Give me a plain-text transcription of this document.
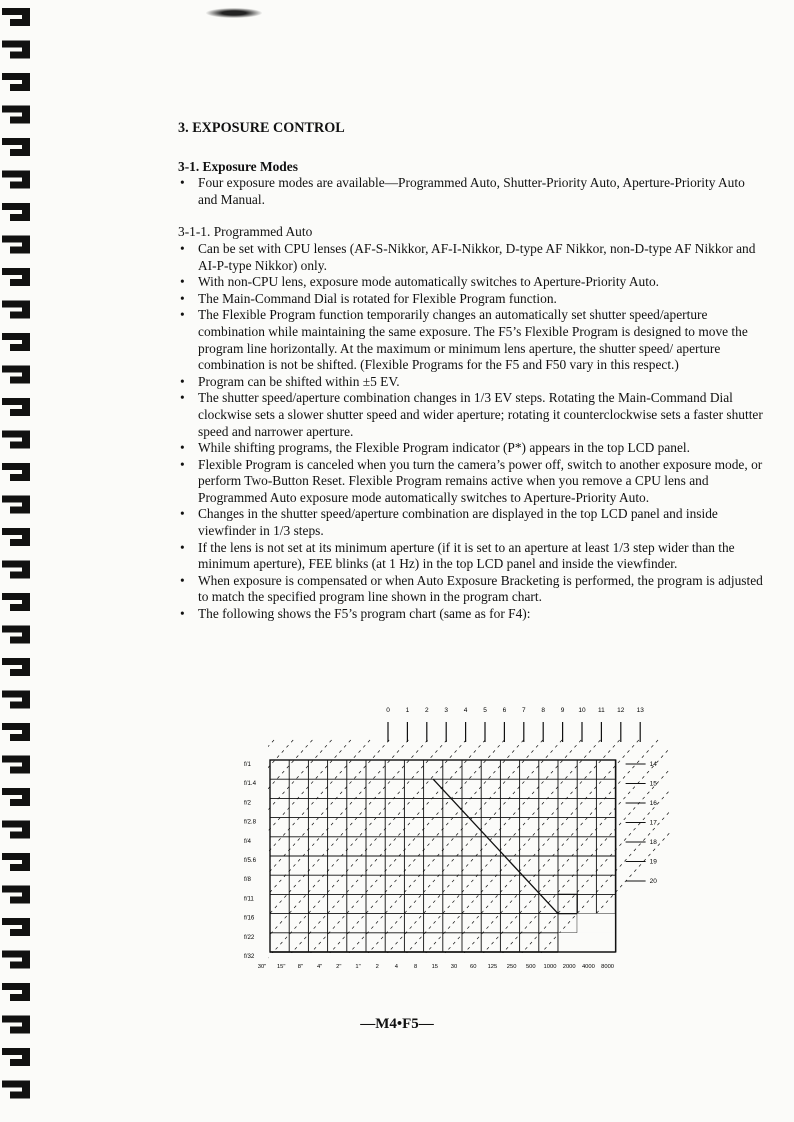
3. EXPOSURE CONTROL
3-1. Exposure Modes
• Four exposure modes are available—Programmed Auto, Shutter-Priority Auto, Aperture-Priority Auto and Manual.
3-1-1. Programmed Auto
• Can be set with CPU lenses (AF-S-Nikkor, AF-I-Nikkor, D-type AF Nikkor, non-D-type AF Nikkor and AI-P-type Nikkor) only.
• With non-CPU lens, exposure mode automatically switches to Aperture-Priority Auto.
• The Main-Command Dial is rotated for Flexible Program function.
• The Flexible Program function temporarily changes an automatically set shutter speed/aperture combination while maintaining the same exposure. The F5’s Flexible Program is designed to move the program line horizontally. At the maximum or minimum lens aperture, the shutter speed/ aperture combination is not be shifted. (Flexible Programs for the F5 and F50 vary in this respect.)
• Program can be shifted within ±5 EV.
• The shutter speed/aperture combination changes in 1/3 EV steps. Rotating the Main-Command Dial clockwise sets a slower shutter speed and wider aperture; rotating it counterclockwise sets a faster shutter speed and narrower aperture.
• While shifting programs, the Flexible Program indicator (P*) appears in the top LCD panel.
• Flexible Program is canceled when you turn the camera’s power off, switch to another exposure mode, or perform Two-Button Reset. Flexible Program remains active when you remove a CPU lens and Programmed Auto exposure mode automatically switches to Aperture-Priority Auto.
• Changes in the shutter speed/aperture combination are displayed in the top LCD panel and inside viewfinder in 1/3 steps.
• If the lens is not set at its minimum aperture (if it is set to an aperture at least 1/3 step wider than the minimum aperture), FEE blinks (at 1 Hz) in the top LCD panel and inside the viewfinder.
• When exposure is compensated or when Auto Exposure Bracketing is performed, the program is adjusted to match the specified program line shown in the program chart.
• The following shows the F5’s program chart (same as for F4):
0 1 2 3 4 5 6 7 8 9 10 11 12 13
14
15
16
17
18
19
20
f/1
f/1.4
f/2
f/2.8
f/4
f/5.6
f/8
f/11
f/16
f/22
f/32
30" 15" 8" 4" 2" 1"	2	4	8 15 30 60 125 250 500 1000 2000 4000 8000
—M4•F5—
